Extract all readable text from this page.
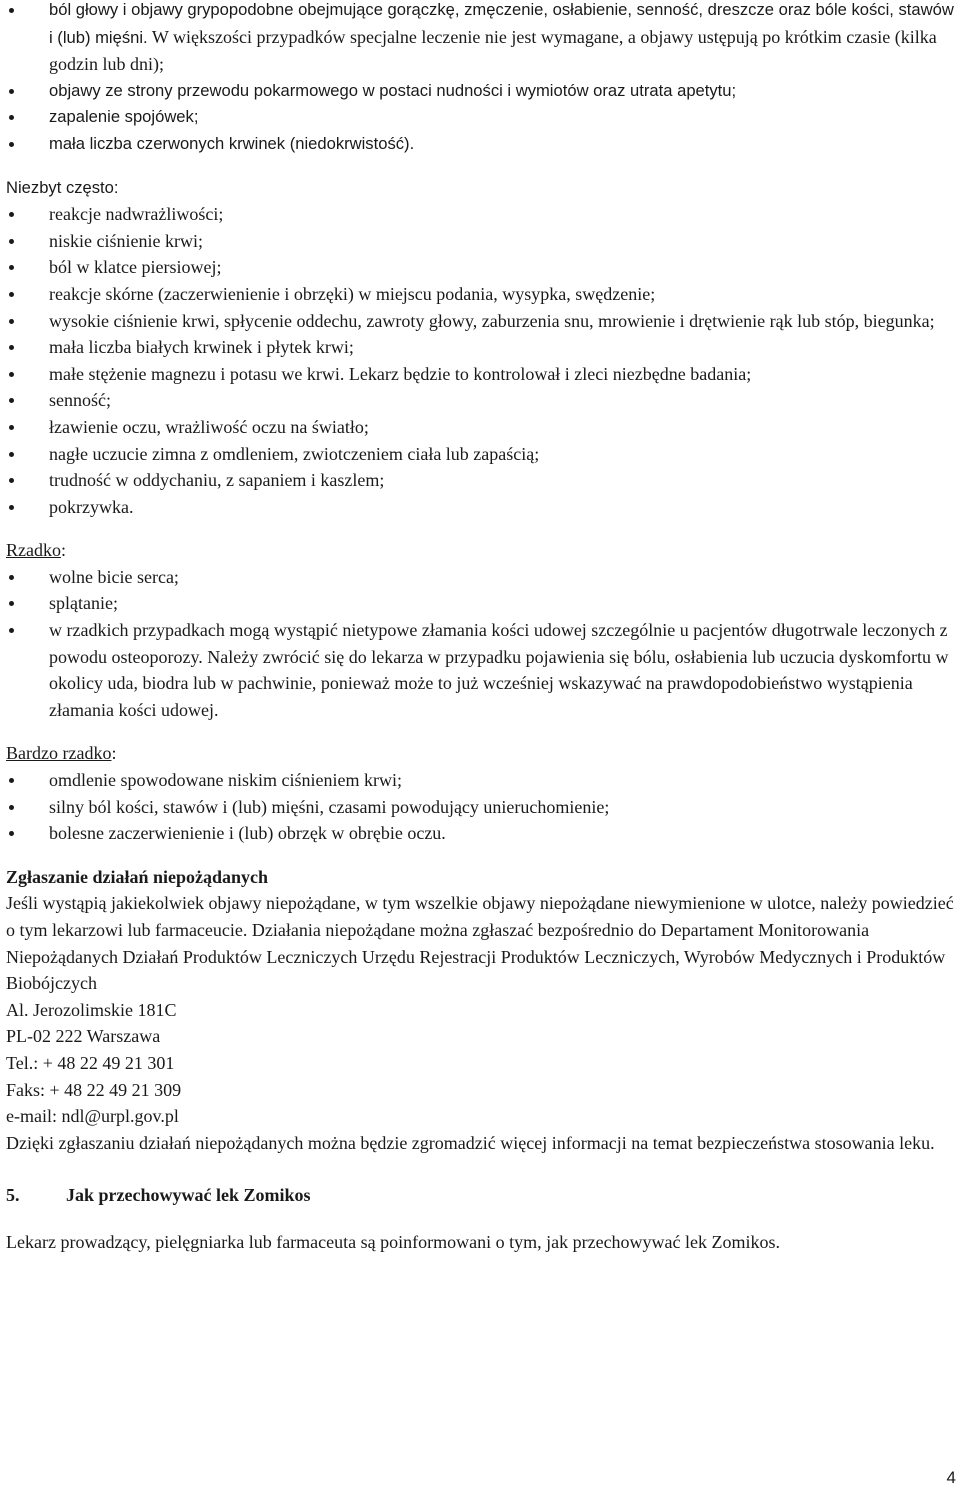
ból głowy i objawy grypopodobne obejmujące gorączkę, zmęczenie, osłabienie, senność, dreszcze oraz bóle kości, stawów i (lub) mięśni. W większości przypadków specjalne leczenie nie jest wymagane, a objawy ustępują po krótkim czasie (kilka godzin lub dni);
objawy ze strony przewodu pokarmowego w postaci nudności i wymiotów oraz utrata apetytu;
zapalenie spojówek;
mała liczba czerwonych krwinek (niedokrwistość).

Niezbyt często:

reakcje nadwrażliwości;
niskie ciśnienie krwi;
ból w klatce piersiowej;
reakcje skórne (zaczerwienienie i obrzęki) w miejscu podania, wysypka, swędzenie;
wysokie ciśnienie krwi, spłycenie oddechu, zawroty głowy, zaburzenia snu, mrowienie i drętwienie rąk lub stóp, biegunka;
mała liczba białych krwinek i płytek krwi;
małe stężenie magnezu i potasu we krwi. Lekarz będzie to kontrolował i zleci niezbędne badania;
senność;
łzawienie oczu, wrażliwość oczu na światło;
nagłe uczucie zimna z omdleniem, zwiotczeniem ciała lub zapaścią;
trudność w oddychaniu, z sapaniem i kaszlem;
pokrzywka.

Rzadko:

wolne bicie serca;
splątanie;
w rzadkich przypadkach mogą wystąpić nietypowe złamania kości udowej szczególnie u pacjentów długotrwale leczonych z powodu osteoporozy. Należy zwrócić się do lekarza w przypadku pojawienia się bólu, osłabienia lub uczucia dyskomfortu w okolicy uda, biodra lub w pachwinie, ponieważ może to już wcześniej wskazywać na prawdopodobieństwo wystąpienia złamania kości udowej.

Bardzo rzadko:

omdlenie spowodowane niskim ciśnieniem krwi;
silny ból kości, stawów i (lub) mięśni, czasami powodujący unieruchomienie;
bolesne zaczerwienienie i (lub) obrzęk w obrębie oczu.
Zgłaszanie działań niepożądanych

Jeśli wystąpią jakiekolwiek objawy niepożądane, w tym wszelkie objawy niepożądane niewymienione w ulotce, należy powiedzieć o tym lekarzowi lub farmaceucie. Działania niepożądane można zgłaszać bezpośrednio do Departament Monitorowania Niepożądanych Działań Produktów Leczniczych Urzędu Rejestracji Produktów Leczniczych, Wyrobów Medycznych i Produktów Biobójczych

Al. Jerozolimskie 181C

PL-02 222 Warszawa

Tel.: + 48 22 49 21 301

Faks: + 48 22 49 21 309

e-mail: ndl@urpl.gov.pl

Dzięki zgłaszaniu działań niepożądanych można będzie zgromadzić więcej informacji na temat bezpieczeństwa stosowania leku.

5.	Jak przechowywać lek Zomikos

Lekarz prowadzący, pielęgniarka lub farmaceuta są poinformowani o tym, jak przechowywać lek Zomikos.

4
